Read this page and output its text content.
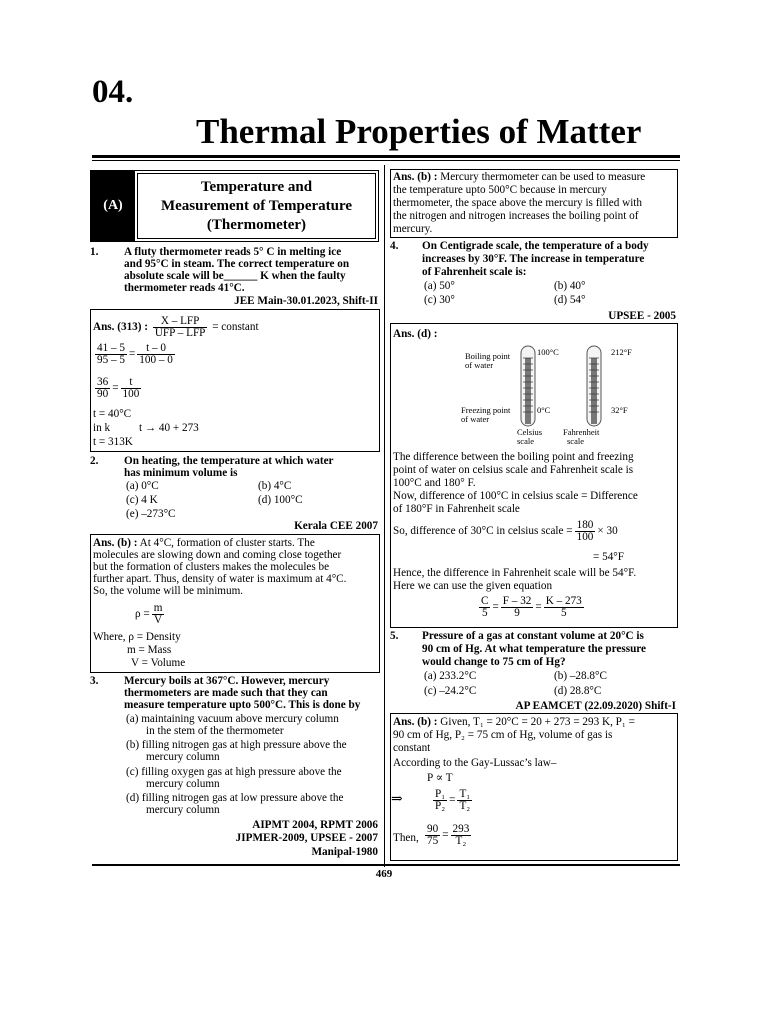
04.
Thermal Properties of Matter
(A)
Temperature and
Measurement of Temperature
(Thermometer)
1. A fluty thermometer reads 5° C in melting ice
and 95°C in steam. The correct temperature on
absolute scale will be______ K when the faulty
thermometer reads 41°C.
JEE Main-30.01.2023, Shift-II
Ans. (313) : $\frac{\text{X – LFP}}{\text{UFP – LFP}}$ = constant
$\frac{41 - 5}{95 - 5} = \frac{t - 0}{100 - 0}$
$\frac{36}{90} = \frac{t}{100}$
t = 40°C
in k	t → 40 + 273
t = 313K
2. On heating, the temperature at which water
has minimum volume is
(a) 0°C	(b) 4°C
(c) 4 K	(d) 100°C
(e) –273°C
Kerala CEE 2007
Ans. (b) : At 4°C, formation of cluster starts. The
molecules are slowing down and coming close together
but the formation of clusters makes the molecules be
further apart. Thus, density of water is maximum at 4°C.
So, the volume will be minimum.
$\rho = \frac{m}{V}$
Where, ρ = Density
m = Mass
V = Volume
3. Mercury boils at 367°C. However, mercury
thermometers are made such that they can
measure temperature upto 500°C. This is done by
(a) maintaining vacuum above mercury column
in the stem of the thermometer
(b) filling nitrogen gas at high pressure above the
mercury column
(c) filling oxygen gas at high pressure above the
mercury column
(d) filling nitrogen gas at low pressure above the
mercury column
AIPMT 2004, RPMT 2006
JIPMER-2009, UPSEE - 2007
Manipal-1980
Ans. (b) : Mercury thermometer can be used to measure
the temperature upto 500°C because in mercury
thermometer, the space above the mercury is filled with
the nitrogen and nitrogen increases the boiling point of
mercury.
4. On Centigrade scale, the temperature of a body
increases by 30°F. The increase in temperature
of Fahrenheit scale is:
(a) 50°	(b) 40°
(c) 30°	(d) 54°
UPSEE - 2005
Ans. (d) :
Boiling point
of water
Freezing point
of water
100°C
0°C
212°F
32°F
Celsius
scale
Fahrenheit
scale
The difference between the boiling point and freezing
point of water on celsius scale and Fahrenheit scale is
100°C and 180° F.
Now, difference of 100°C in celsius scale = Difference
of 180°F in Fahrenheit scale
So, difference of 30°C in celsius scale = $\frac{180}{100} \times 30$
= 54°F
Hence, the difference in Fahrenheit scale will be 54°F.
Here we can use the given equation
$\frac{C}{5} = \frac{F - 32}{9} = \frac{K - 273}{5}$
5. Pressure of a gas at constant volume at 20°C is
90 cm of Hg. At what temperature the pressure
would change to 75 cm of Hg?
(a) 233.2°C	(b) –28.8°C
(c) –24.2°C	(d) 28.8°C
AP EAMCET (22.09.2020) Shift-I
Ans. (b) : Given, T₁ = 20°C = 20 + 273 = 293 K, P₁ =
90 cm of Hg, P₂ = 75 cm of Hg, volume of gas is
constant
According to the Gay-Lussac’s law–
P ∝ T
⇒	$\frac{\text{P₁}}{\text{P₂}} = \frac{\text{T₁}}{\text{T₂}}$
Then, $\frac{90}{75} = \frac{293}{\text{T₂}}$
469
